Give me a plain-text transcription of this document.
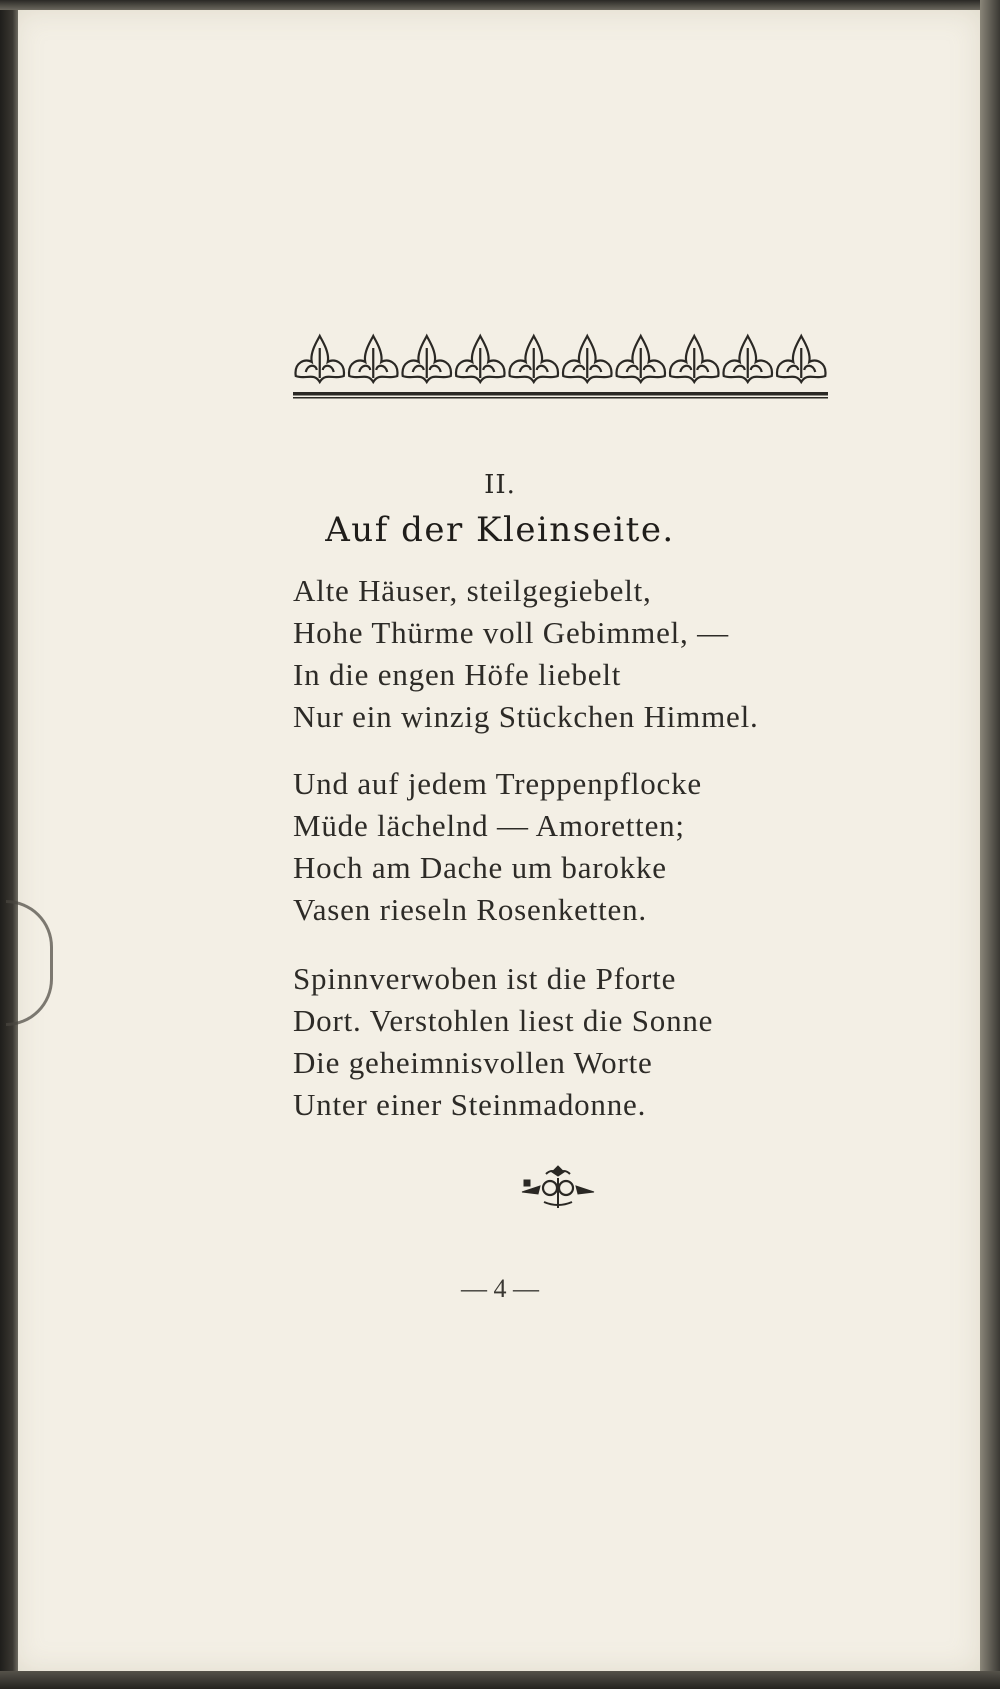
II.
Auf der Kleinseite.
Alte Häuser, steilgegiebelt,
Hohe Thürme voll Gebimmel, —
In die engen Höfe liebelt
Nur ein winzig Stückchen Himmel.
Und auf jedem Treppenpflocke
Müde lächelnd — Amoretten;
Hoch am Dache um barokke
Vasen rieseln Rosenketten.
Spinnverwoben ist die Pforte
Dort. Verstohlen liest die Sonne
Die geheimnisvollen Worte
Unter einer Steinmadonne.
— 4 —
